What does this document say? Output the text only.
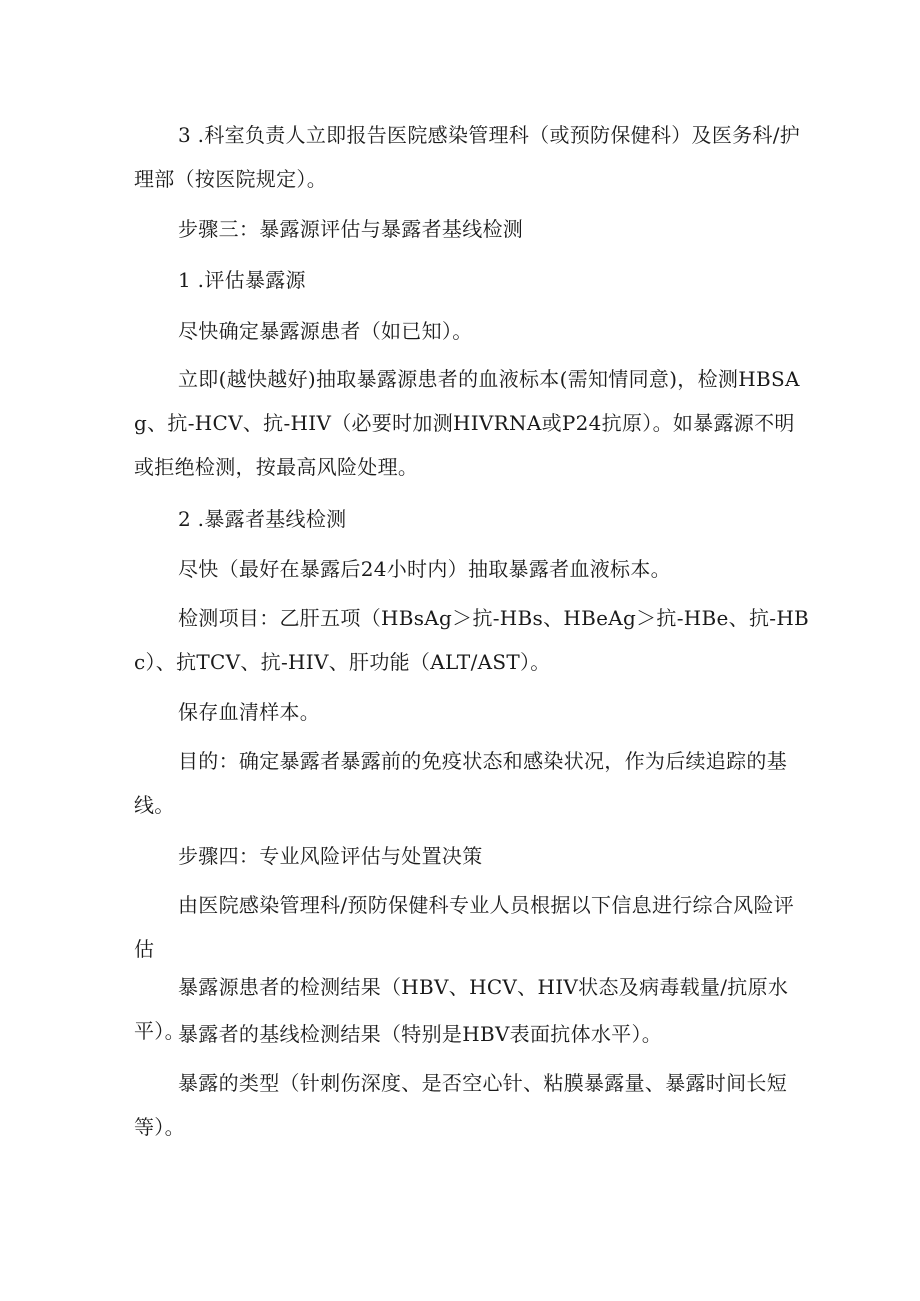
3 .科室负责人立即报告医院感染管理科（或预防保健科）及医务科/护理部（按医院规定）。

步骤三：暴露源评估与暴露者基线检测

1 .评估暴露源

尽快确定暴露源患者（如已知）。

立即(越快越好)抽取暴露源患者的血液标本(需知情同意)，检测HBSAg、抗-HCV、抗-HIV（必要时加测HIVRNA或P24抗原）。如暴露源不明或拒绝检测，按最高风险处理。

2 .暴露者基线检测

尽快（最好在暴露后24小时内）抽取暴露者血液标本。

检测项目：乙肝五项（HBsAg＞抗-HBs、HBeAg＞抗-HBe、抗-HBc）、抗TCV、抗-HIV、肝功能（ALT/AST）。

保存血清样本。

目的：确定暴露者暴露前的免疫状态和感染状况，作为后续追踪的基线。

步骤四：专业风险评估与处置决策

由医院感染管理科/预防保健科专业人员根据以下信息进行综合风险评估

暴露源患者的检测结果（HBV、HCV、HIV状态及病毒载量/抗原水平）。

暴露者的基线检测结果（特别是HBV表面抗体水平）。

暴露的类型（针刺伤深度、是否空心针、粘膜暴露量、暴露时间长短等）。
